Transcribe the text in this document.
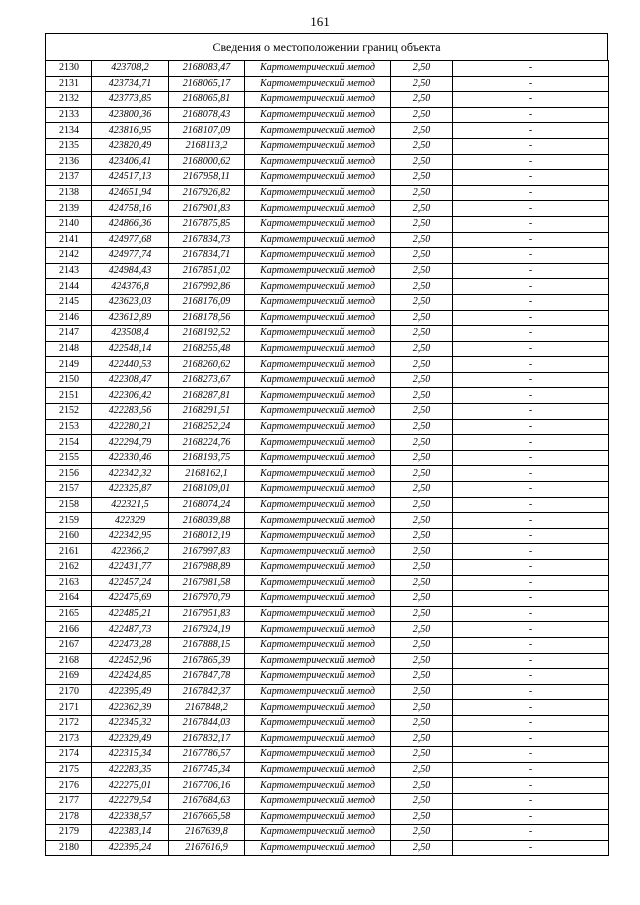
161
Сведения о местоположении границ объекта
2130	423708,2	2168083,47	Картометрический метод	2,50	-
2131	423734,71	2168065,17	Картометрический метод	2,50	-
2132	423773,85	2168065,81	Картометрический метод	2,50	-
2133	423800,36	2168078,43	Картометрический метод	2,50	-
2134	423816,95	2168107,09	Картометрический метод	2,50	-
2135	423820,49	2168113,2	Картометрический метод	2,50	-
2136	423406,41	2168000,62	Картометрический метод	2,50	-
2137	424517,13	2167958,11	Картометрический метод	2,50	-
2138	424651,94	2167926,82	Картометрический метод	2,50	-
2139	424758,16	2167901,83	Картометрический метод	2,50	-
2140	424866,36	2167875,85	Картометрический метод	2,50	-
2141	424977,68	2167834,73	Картометрический метод	2,50	-
2142	424977,74	2167834,71	Картометрический метод	2,50	-
2143	424984,43	2167851,02	Картометрический метод	2,50	-
2144	424376,8	2167992,86	Картометрический метод	2,50	-
2145	423623,03	2168176,09	Картометрический метод	2,50	-
2146	423612,89	2168178,56	Картометрический метод	2,50	-
2147	423508,4	2168192,52	Картометрический метод	2,50	-
2148	422548,14	2168255,48	Картометрический метод	2,50	-
2149	422440,53	2168260,62	Картометрический метод	2,50	-
2150	422308,47	2168273,67	Картометрический метод	2,50	-
2151	422306,42	2168287,81	Картометрический метод	2,50	-
2152	422283,56	2168291,51	Картометрический метод	2,50	-
2153	422280,21	2168252,24	Картометрический метод	2,50	-
2154	422294,79	2168224,76	Картометрический метод	2,50	-
2155	422330,46	2168193,75	Картометрический метод	2,50	-
2156	422342,32	2168162,1	Картометрический метод	2,50	-
2157	422325,87	2168109,01	Картометрический метод	2,50	-
2158	422321,5	2168074,24	Картометрический метод	2,50	-
2159	422329	2168039,88	Картометрический метод	2,50	-
2160	422342,95	2168012,19	Картометрический метод	2,50	-
2161	422366,2	2167997,83	Картометрический метод	2,50	-
2162	422431,77	2167988,89	Картометрический метод	2,50	-
2163	422457,24	2167981,58	Картометрический метод	2,50	-
2164	422475,69	2167970,79	Картометрический метод	2,50	-
2165	422485,21	2167951,83	Картометрический метод	2,50	-
2166	422487,73	2167924,19	Картометрический метод	2,50	-
2167	422473,28	2167888,15	Картометрический метод	2,50	-
2168	422452,96	2167865,39	Картометрический метод	2,50	-
2169	422424,85	2167847,78	Картометрический метод	2,50	-
2170	422395,49	2167842,37	Картометрический метод	2,50	-
2171	422362,39	2167848,2	Картометрический метод	2,50	-
2172	422345,32	2167844,03	Картометрический метод	2,50	-
2173	422329,49	2167832,17	Картометрический метод	2,50	-
2174	422315,34	2167786,57	Картометрический метод	2,50	-
2175	422283,35	2167745,34	Картометрический метод	2,50	-
2176	422275,01	2167706,16	Картометрический метод	2,50	-
2177	422279,54	2167684,63	Картометрический метод	2,50	-
2178	422338,57	2167665,58	Картометрический метод	2,50	-
2179	422383,14	2167639,8	Картометрический метод	2,50	-
2180	422395,24	2167616,9	Картометрический метод	2,50	-
